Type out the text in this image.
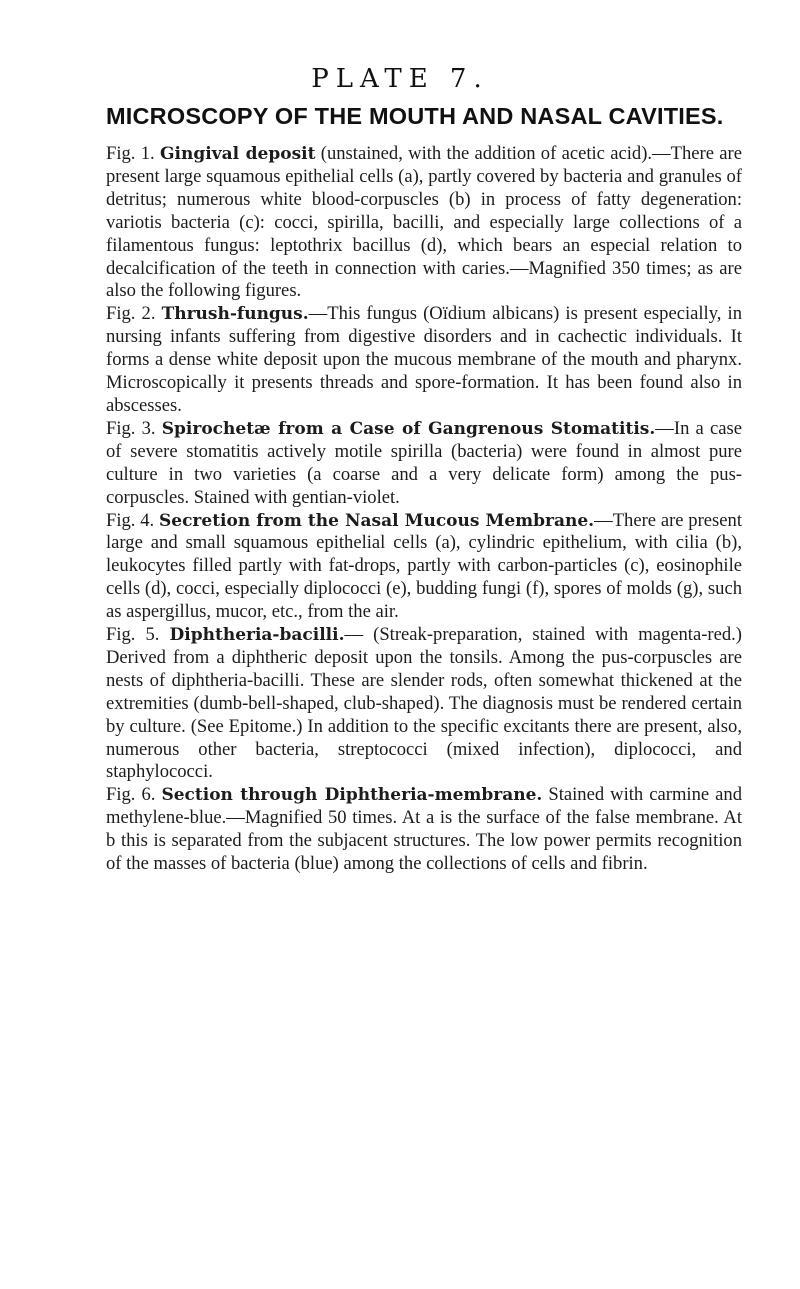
PLATE 7.
MICROSCOPY OF THE MOUTH AND NASAL CAVITIES.

Fig. 1. Gingival deposit (unstained, with the addition of acetic acid).—There are present large squamous epithelial cells (a), partly covered by bacteria and granules of detritus; numerous white blood-corpuscles (b) in process of fatty degeneration: variotis bacteria (c): cocci, spirilla, bacilli, and especially large collections of a filamentous fungus: leptothrix bacillus (d), which bears an especial relation to decalcification of the teeth in connection with caries.—Magnified 350 times; as are also the following figures.

Fig. 2. Thrush-fungus.—This fungus (Oïdium albicans) is present especially, in nursing infants suffering from digestive disorders and in cachectic individuals. It forms a dense white deposit upon the mucous membrane of the mouth and pharynx. Microscopically it presents threads and spore-formation. It has been found also in abscesses.

Fig. 3. Spirochetæ from a Case of Gangrenous Stomatitis.—In a case of severe stomatitis actively motile spirilla (bacteria) were found in almost pure culture in two varieties (a coarse and a very delicate form) among the pus-corpuscles. Stained with gentian-violet.

Fig. 4. Secretion from the Nasal Mucous Membrane.—There are present large and small squamous epithelial cells (a), cylindric epithelium, with cilia (b), leukocytes filled partly with fat-drops, partly with carbon-particles (c), eosinophile cells (d), cocci, especially diplococci (e), budding fungi (f), spores of molds (g), such as aspergillus, mucor, etc., from the air.

Fig. 5. Diphtheria-bacilli.— (Streak-preparation, stained with magenta-red.) Derived from a diphtheric deposit upon the tonsils. Among the pus-corpuscles are nests of diphtheria-bacilli. These are slender rods, often somewhat thickened at the extremities (dumb-bell-shaped, club-shaped). The diagnosis must be rendered certain by culture. (See Epitome.) In addition to the specific excitants there are present, also, numerous other bacteria, streptococci (mixed infection), diplococci, and staphylococci.

Fig. 6. Section through Diphtheria-membrane. Stained with carmine and methylene-blue.—Magnified 50 times. At a is the surface of the false membrane. At b this is separated from the subjacent structures. The low power permits recognition of the masses of bacteria (blue) among the collections of cells and fibrin.
